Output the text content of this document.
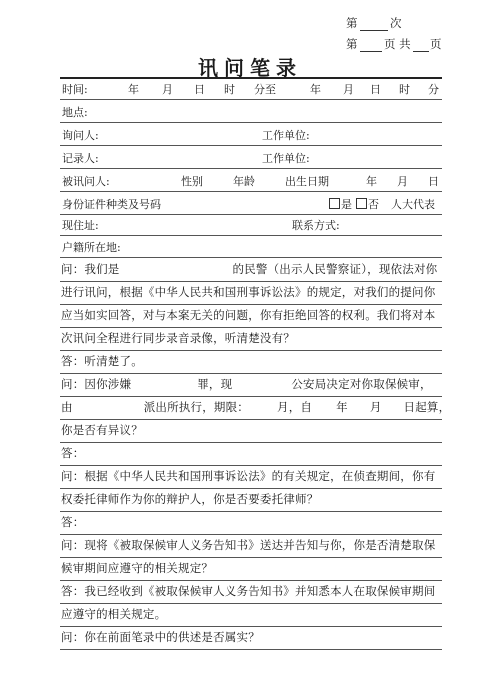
第	次
第 页 共 页
讯问笔录
时间:	年 月 日 时 分至	年 月 日 时 分
地点:
询问人:	工作单位:
记录人:	工作单位:
被讯问人:	性别	年龄	出生日期	年 月 日
身份证件种类及号码	是	否 人大代表
现住址:	联系方式:
户籍所在地:
问：我们是	的民警（出示人民警察证），现依法对你
进行讯问，根据《中华人民共和国刑事诉讼法》的规定，对我们的提问你
应当如实回答，对与本案无关的问题，你有拒绝回答的权利。我们将对本
次讯问全程进行同步录音录像，听清楚没有？
答：听清楚了。
问：因你涉嫌	罪，现	公安局决定对你取保候审，
由	派出所执行，期限： 月，自 年 月 日起算，
你是否有异议？
答：
问：根据《中华人民共和国刑事诉讼法》的有关规定，在侦查期间，你有
权委托律师作为你的辩护人，你是否要委托律师？
答：
问：现将《被取保候审人义务告知书》送达并告知与你，你是否清楚取保
候审期间应遵守的相关规定？
答：我已经收到《被取保候审人义务告知书》并知悉本人在取保候审期间
应遵守的相关规定。
问：你在前面笔录中的供述是否属实？
